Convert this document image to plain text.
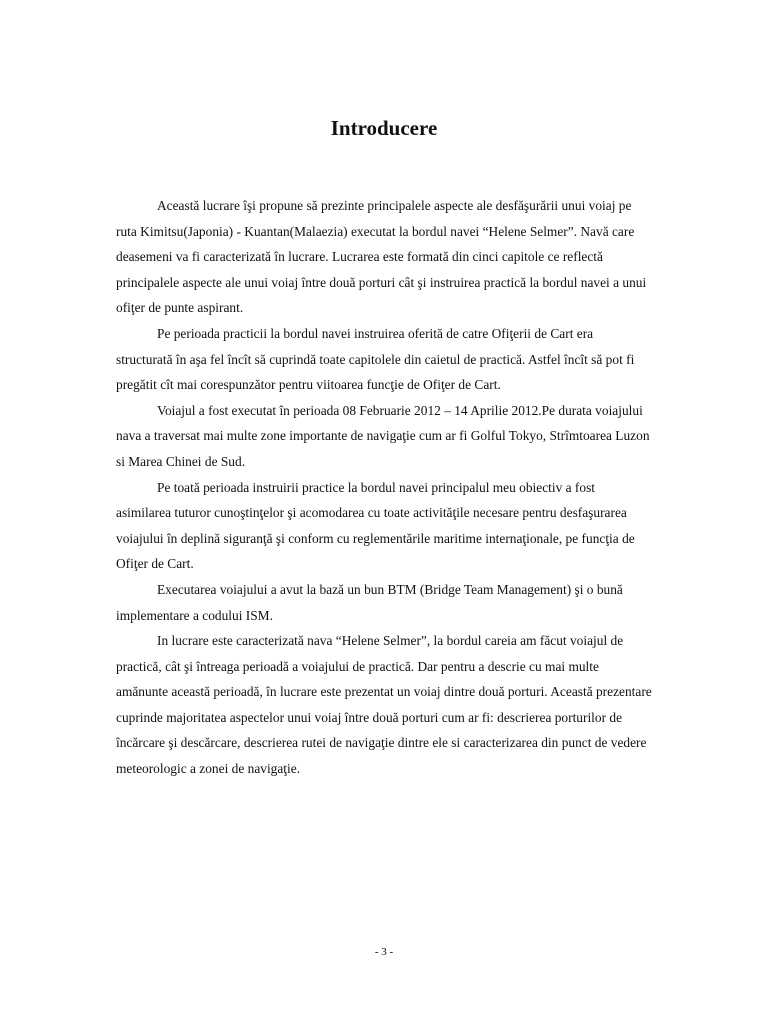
Introducere

Această lucrare îşi propune să prezinte principalele aspecte ale desfăşurării unui voiaj pe ruta Kimitsu(Japonia) - Kuantan(Malaezia) executat la bordul navei “Helene Selmer”. Navă care deasemeni va fi caracterizată în lucrare. Lucrarea este formată din cinci capitole ce reflectă principalele aspecte ale unui voiaj între două porturi cât şi instruirea practică la bordul navei a unui ofiţer de punte aspirant.

Pe perioada practicii la bordul navei instruirea oferită de catre Ofiţerii de Cart era structurată în aşa fel încît să cuprindă toate capitolele din caietul de practică. Astfel încît să pot fi pregătit cît mai corespunzător pentru viitoarea funcţie de Ofiţer de Cart.

Voiajul a fost executat în perioada 08 Februarie 2012 – 14 Aprilie 2012.Pe durata voiajului nava a traversat mai multe zone importante de navigaţie cum ar fi Golful Tokyo, Strîmtoarea Luzon si Marea Chinei de Sud.

Pe toată perioada instruirii practice la bordul navei principalul meu obiectiv a fost asimilarea tuturor cunoştinţelor şi acomodarea cu toate activităţile necesare pentru desfaşurarea voiajului în deplină siguranţă şi conform cu reglementările maritime internaţionale, pe funcţia de Ofiţer de Cart.

Executarea voiajului a avut la bază un bun BTM (Bridge Team Management) şi o bună implementare a codului ISM.

In lucrare este caracterizată nava “Helene Selmer”, la bordul careia am făcut voiajul de practică, cât şi întreaga perioadă a voiajului de practică. Dar pentru a descrie cu mai multe amănunte această perioadă, în lucrare este prezentat un voiaj dintre două porturi. Această prezentare cuprinde majoritatea aspectelor unui voiaj între două porturi cum ar fi: descrierea porturilor de încărcare şi descărcare, descrierea rutei de navigaţie dintre ele si caracterizarea din punct de vedere meteorologic a zonei de navigaţie.

- 3 -
